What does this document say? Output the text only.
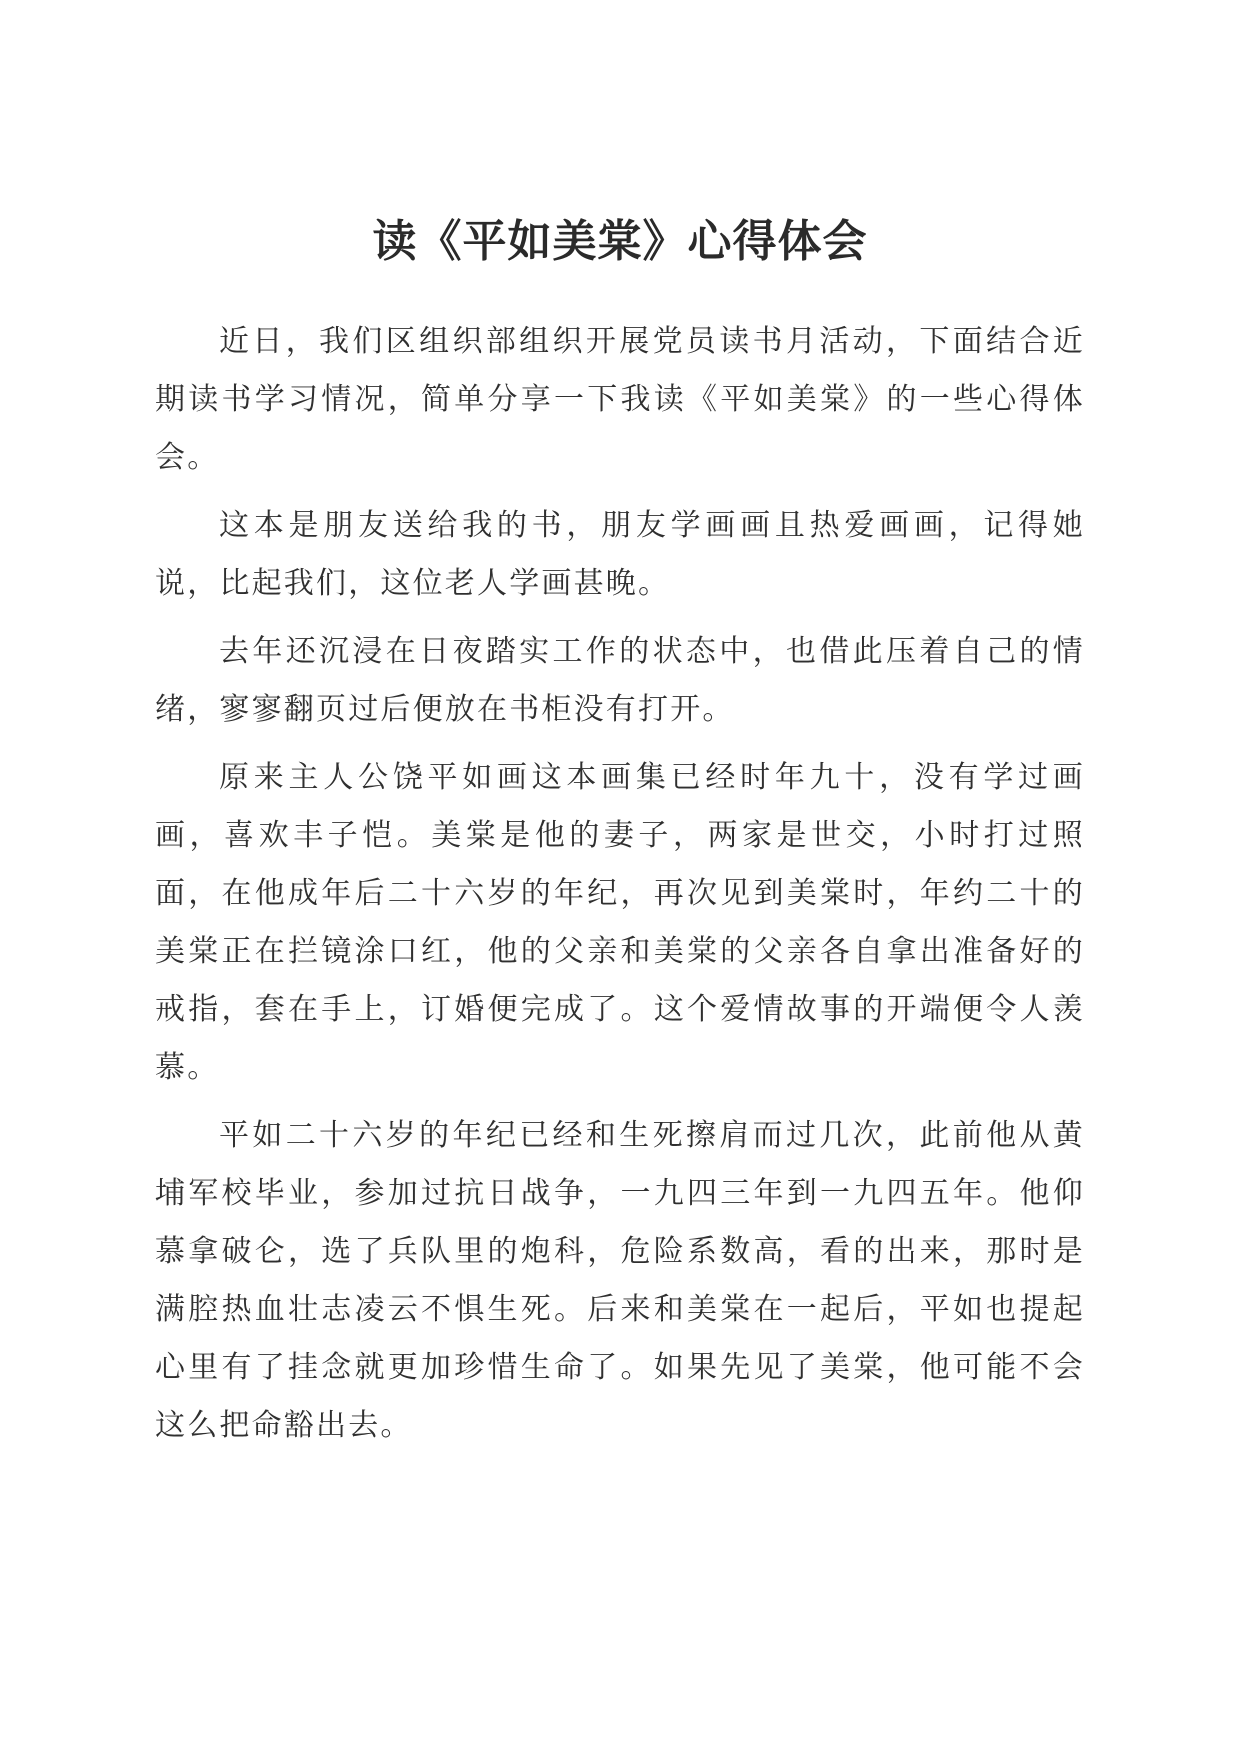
读《平如美棠》心得体会

近日，我们区组织部组织开展党员读书月活动，下面结合近期读书学习情况，简单分享一下我读《平如美棠》的一些心得体会。

这本是朋友送给我的书，朋友学画画且热爱画画，记得她说，比起我们，这位老人学画甚晚。

去年还沉浸在日夜踏实工作的状态中，也借此压着自己的情绪，寥寥翻页过后便放在书柜没有打开。

原来主人公饶平如画这本画集已经时年九十，没有学过画画，喜欢丰子恺。美棠是他的妻子，两家是世交，小时打过照面，在他成年后二十六岁的年纪，再次见到美棠时，年约二十的美棠正在拦镜涂口红，他的父亲和美棠的父亲各自拿出准备好的戒指，套在手上，订婚便完成了。这个爱情故事的开端便令人羡慕。

平如二十六岁的年纪已经和生死擦肩而过几次，此前他从黄埔军校毕业，参加过抗日战争，一九四三年到一九四五年。他仰慕拿破仑，选了兵队里的炮科，危险系数高，看的出来，那时是满腔热血壮志凌云不惧生死。后来和美棠在一起后，平如也提起心里有了挂念就更加珍惜生命了。如果先见了美棠，他可能不会这么把命豁出去。
